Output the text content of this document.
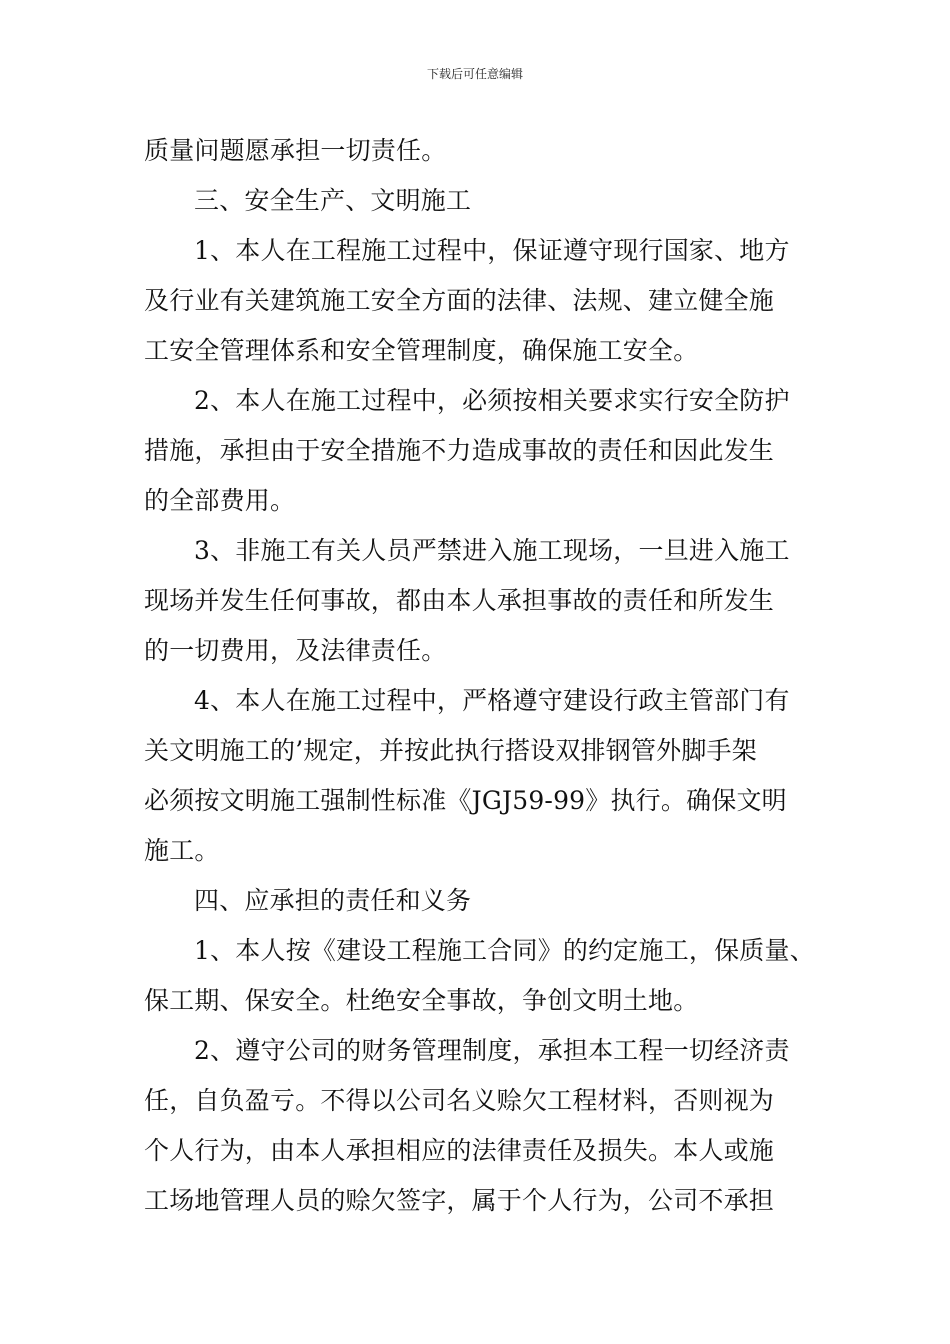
下载后可任意编辑
质量问题愿承担一切责任。
三、安全生产、文明施工
1、本人在工程施工过程中，保证遵守现行国家、地方
及行业有关建筑施工安全方面的法律、法规、建立健全施
工安全管理体系和安全管理制度，确保施工安全。
2、本人在施工过程中，必须按相关要求实行安全防护
措施，承担由于安全措施不力造成事故的责任和因此发生
的全部费用。
3、非施工有关人员严禁进入施工现场，一旦进入施工
现场并发生任何事故，都由本人承担事故的责任和所发生
的一切费用，及法律责任。
4、本人在施工过程中，严格遵守建设行政主管部门有
关文明施工的’规定，并按此执行搭设双排钢管外脚手架
必须按文明施工强制性标准《JGJ59-99》执行。确保文明
施工。
四、应承担的责任和义务
1、本人按《建设工程施工合同》的约定施工，保质量、
保工期、保安全。杜绝安全事故，争创文明土地。
2、遵守公司的财务管理制度，承担本工程一切经济责
任，自负盈亏。不得以公司名义赊欠工程材料，否则视为
个人行为，由本人承担相应的法律责任及损失。本人或施
工场地管理人员的赊欠签字，属于个人行为，公司不承担
